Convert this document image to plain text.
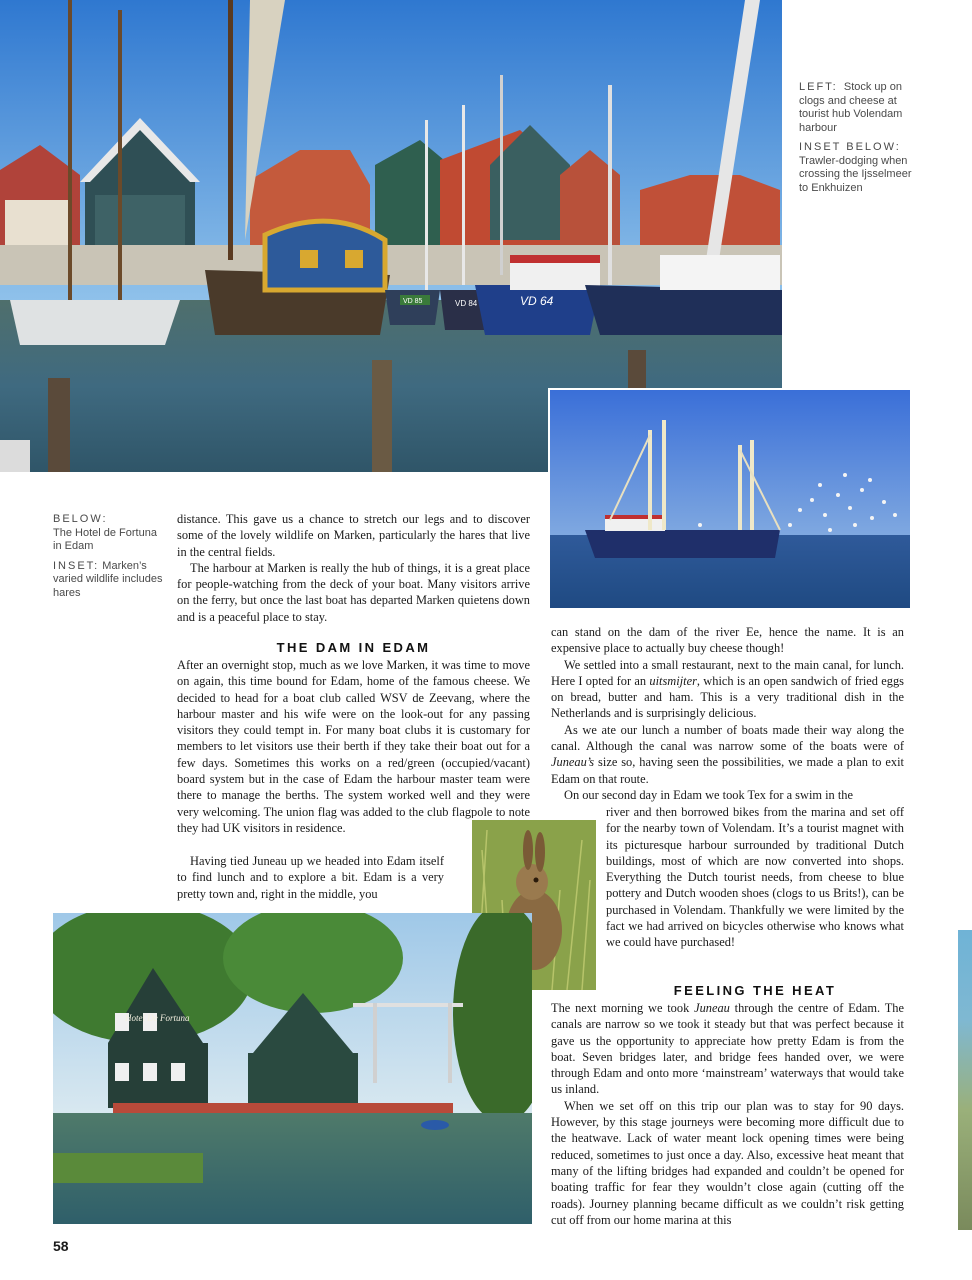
VD 64
VD 84
VD 85

LEFT: Stock up on clogs and cheese at tourist hub Volendam harbour

INSET BELOW:
Trawler-dodging when crossing the Ijsselmeer to Enkhuizen

BELOW:
The Hotel de Fortuna in Edam

INSET: Marken’s varied wildlife includes hares

distance. This gave us a chance to stretch our legs and to discover some of the lovely wildlife on Marken, particularly the hares that live in the central fields.

The harbour at Marken is really the hub of things, it is a great place for people-watching from the deck of your boat. Many visitors arrive on the ferry, but once the last boat has departed Marken quietens down and is a peaceful place to stay.

THE DAM IN EDAM

After an overnight stop, much as we love Marken, it was time to move on again, this time bound for Edam, home of the famous cheese. We decided to head for a boat club called WSV de Zeevang, where the harbour master and his wife were on the look-out for any passing visitors they could tempt in. For many boat clubs it is customary for members to let visitors use their berth if they take their boat out for a few days. Sometimes this works on a red/green (occupied/vacant) board system but in the case of Edam the harbour master team were there to manage the berths. The system worked well and they were very welcoming. The union flag was added to the club flagpole to note they had UK visitors in residence.

Having tied Juneau up we headed into Edam itself to find lunch and to explore a bit. Edam is a very pretty town and, right in the middle, you

Hotel De Fortuna

can stand on the dam of the river Ee, hence the name. It is an expensive place to actually buy cheese though!

We settled into a small restaurant, next to the main canal, for lunch. Here I opted for an uitsmijter, which is an open sandwich of fried eggs on bread, butter and ham. This is a very traditional dish in the Netherlands and is surprisingly delicious.

As we ate our lunch a number of boats made their way along the canal. Although the canal was narrow some of the boats were of Juneau’s size so, having seen the possibilities, we made a plan to exit Edam on that route.

On our second day in Edam we took Tex for a swim in the

river and then borrowed bikes from the marina and set off for the nearby town of Volendam. It’s a tourist magnet with its picturesque harbour surrounded by traditional Dutch buildings, most of which are now converted into shops. Everything the Dutch tourist needs, from cheese to blue pottery and Dutch wooden shoes (clogs to us Brits!), can be purchased in Volendam. Thankfully we were limited by the fact we had arrived on bicycles otherwise who knows what we could have purchased!

FEELING THE HEAT

The next morning we took Juneau through the centre of Edam. The canals are narrow so we took it steady but that was perfect because it gave us the opportunity to appreciate how pretty Edam is from the boat. Seven bridges later, and bridge fees handed over, we were through Edam and onto more ‘mainstream’ waterways that would take us inland.

When we set off on this trip our plan was to stay for 90 days. However, by this stage journeys were becoming more difficult due to the heatwave. Lack of water meant lock opening times were being reduced, sometimes to just once a day. Also, excessive heat meant that many of the lifting bridges had expanded and couldn’t be opened for boating traffic for fear they wouldn’t close again (cutting off the roads). Journey planning became difficult as we couldn’t risk getting cut off from our home marina at this

58
